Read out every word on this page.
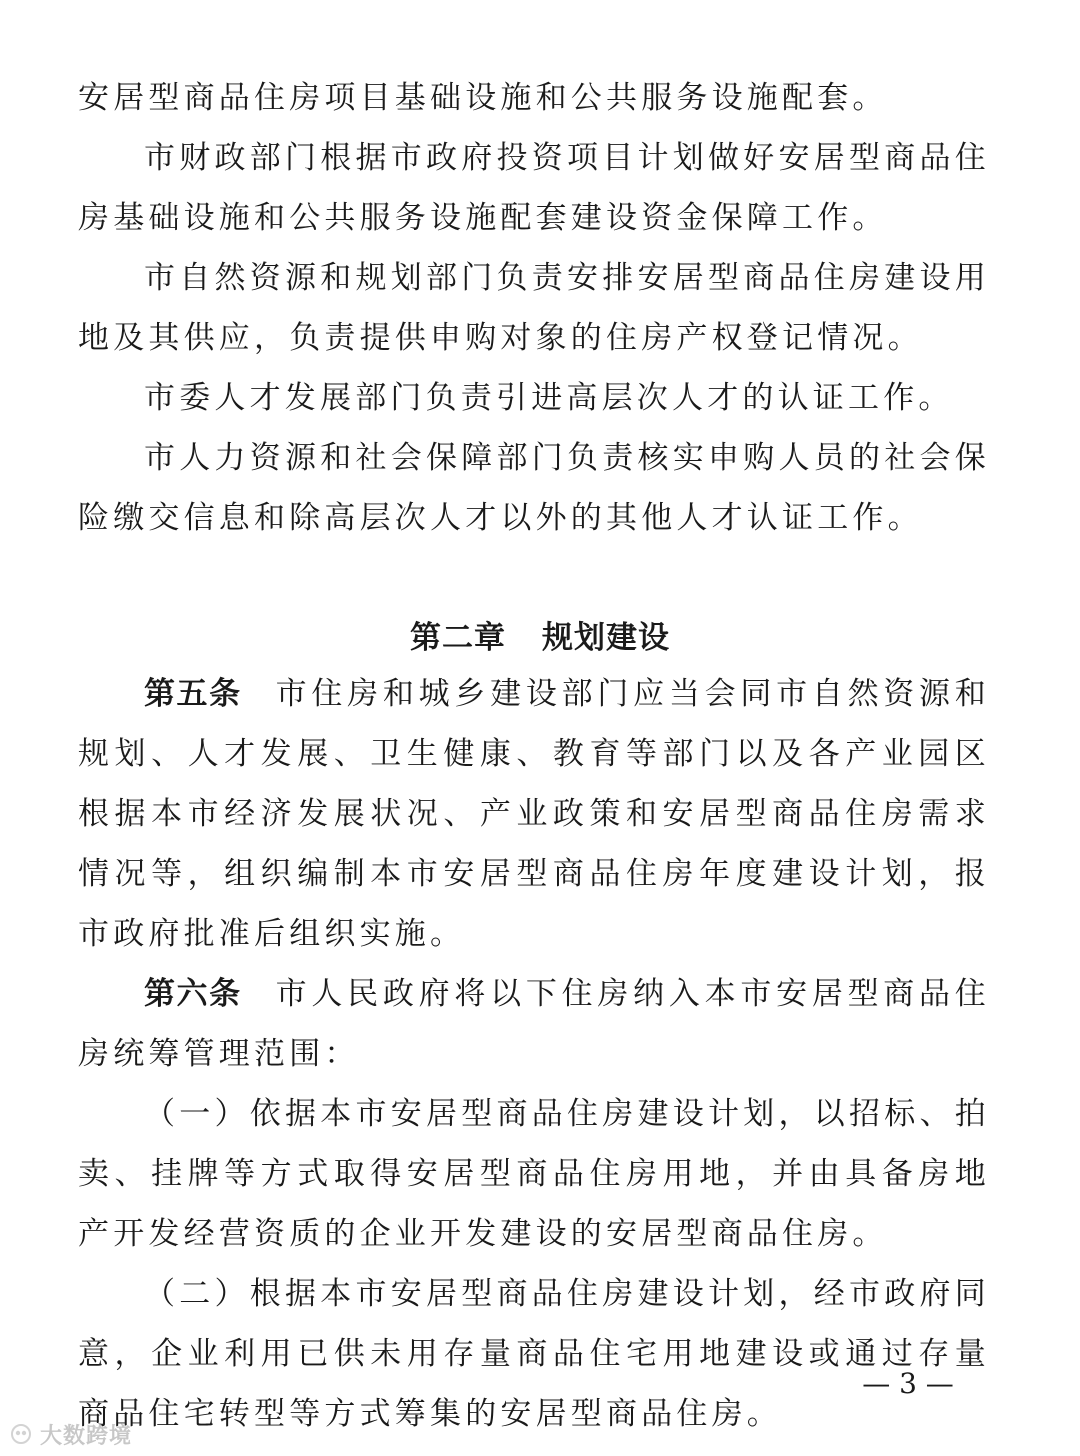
安居型商品住房项目基础设施和公共服务设施配套。

市财政部门根据市政府投资项目计划做好安居型商品住房基础设施和公共服务设施配套建设资金保障工作。

市自然资源和规划部门负责安排安居型商品住房建设用地及其供应，负责提供申购对象的住房产权登记情况。

市委人才发展部门负责引进高层次人才的认证工作。

市人力资源和社会保障部门负责核实申购人员的社会保险缴交信息和除高层次人才以外的其他人才认证工作。

第二章 规划建设

第五条 市住房和城乡建设部门应当会同市自然资源和规划、人才发展、卫生健康、教育等部门以及各产业园区根据本市经济发展状况、产业政策和安居型商品住房需求情况等，组织编制本市安居型商品住房年度建设计划，报市政府批准后组织实施。

第六条 市人民政府将以下住房纳入本市安居型商品住房统筹管理范围：

（一）依据本市安居型商品住房建设计划，以招标、拍卖、挂牌等方式取得安居型商品住房用地，并由具备房地产开发经营资质的企业开发建设的安居型商品住房。

（二）根据本市安居型商品住房建设计划，经市政府同意，企业利用已供未用存量商品住宅用地建设或通过存量商品住宅转型等方式筹集的安居型商品住房。

— 3 —
大数跨境
